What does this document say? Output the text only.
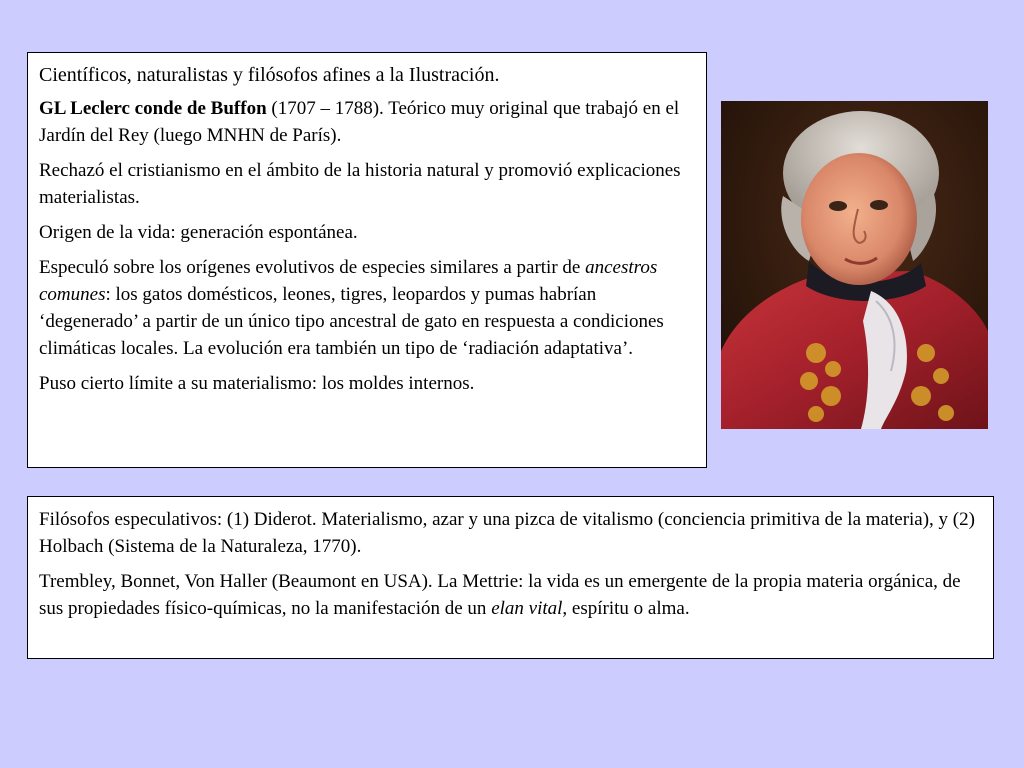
Científicos, naturalistas y filósofos afines a la Ilustración.

GL Leclerc conde de Buffon (1707 – 1788). Teórico muy original que trabajó en el Jardín del Rey (luego MNHN de París).

Rechazó el cristianismo en el ámbito de la historia natural y promovió explicaciones materialistas.

Origen de la vida: generación espontánea.

Especuló sobre los orígenes evolutivos de especies similares a partir de ancestros comunes: los gatos domésticos, leones, tigres, leopardos y pumas habrían ‘degenerado’ a partir de un único tipo ancestral de gato en respuesta a condiciones climáticas locales. La evolución era también un tipo de ‘radiación adaptativa’.

Puso cierto límite a su materialismo: los moldes internos.

Filósofos especulativos: (1) Diderot. Materialismo, azar y una pizca de vitalismo (conciencia primitiva de la materia), y (2) Holbach (Sistema de la Naturaleza, 1770).

Trembley, Bonnet, Von Haller (Beaumont en USA). La Mettrie: la vida es un emergente de la propia materia orgánica, de sus propiedades físico-químicas, no la manifestación de un elan vital, espíritu o alma.
